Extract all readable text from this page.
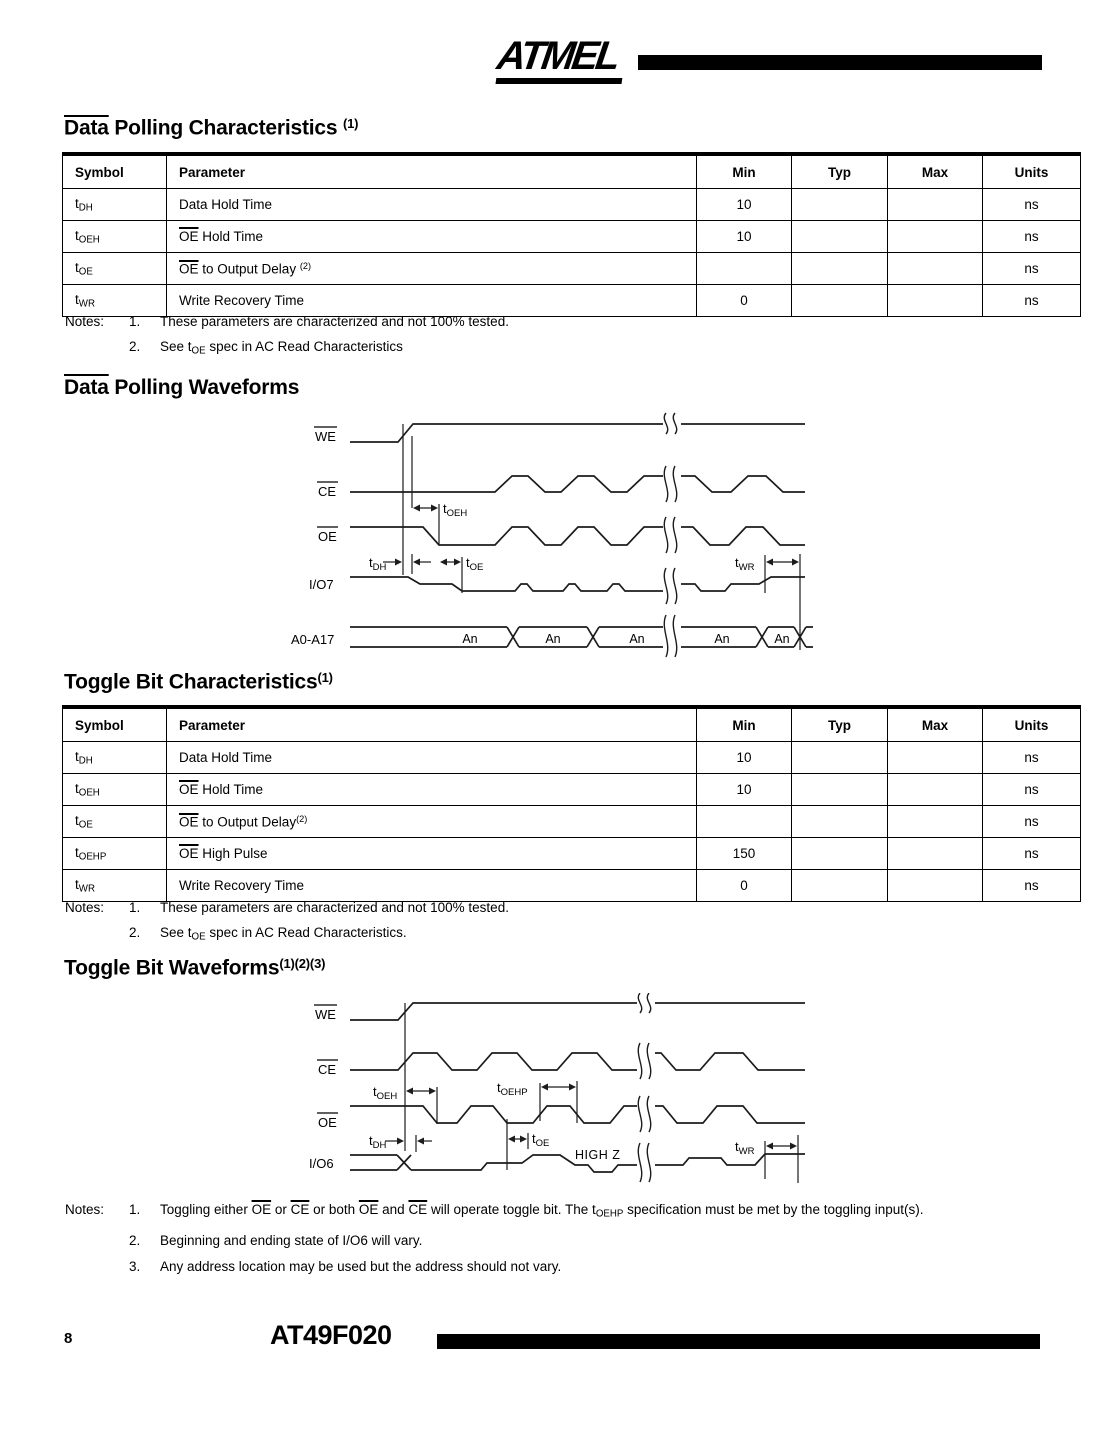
ATMEL
Data Polling Characteristics $^{(1)}$
Symbol	Parameter	Min	Typ	Max	Units
$t_{DH}$	Data Hold Time	10			ns
$t_{OEH}$	$\overline{OE}$ Hold Time	10			ns
$t_{OE}$	$\overline{OE}$ to Output Delay $^{(2)}$				ns
$t_{WR}$	Write Recovery Time	0			ns
Notes:	1.	These parameters are characterized and not 100% tested.
2.	See $t_{OE}$ spec in AC Read Characteristics
Data Polling Waveforms
WE
CE
OE
I/O7
A0-A17
$t_{OEH}$
$t_{DH}$	$t_{OE}$	$t_{WR}$
An	An	An	An	An
Toggle Bit Characteristics$^{(1)}$
Symbol	Parameter	Min	Typ	Max	Units
$t_{DH}$	Data Hold Time	10			ns
$t_{OEH}$	$\overline{OE}$ Hold Time	10			ns
$t_{OE}$	$\overline{OE}$ to Output Delay$^{(2)}$				ns
$t_{OEHP}$	$\overline{OE}$ High Pulse	150			ns
$t_{WR}$	Write Recovery Time	0			ns
Notes:	1.	These parameters are characterized and not 100% tested.
2.	See $t_{OE}$ spec in AC Read Characteristics.
Toggle Bit Waveforms$^{(1)(2)(3)}$
WE
CE
OE
I/O6
$t_{OEH}$
$t_{OEHP}$
$t_{DH}$	$t_{OE}$	$t_{WR}$
HIGH Z
Notes:	1.	Toggling either $\overline{OE}$ or $\overline{CE}$ or both $\overline{OE}$ and $\overline{CE}$ will operate toggle bit. The $t_{OEHP}$ specification must be met by the toggling input(s).
2.	Beginning and ending state of I/O6 will vary.
3.	Any address location may be used but the address should not vary.
8	AT49F020
